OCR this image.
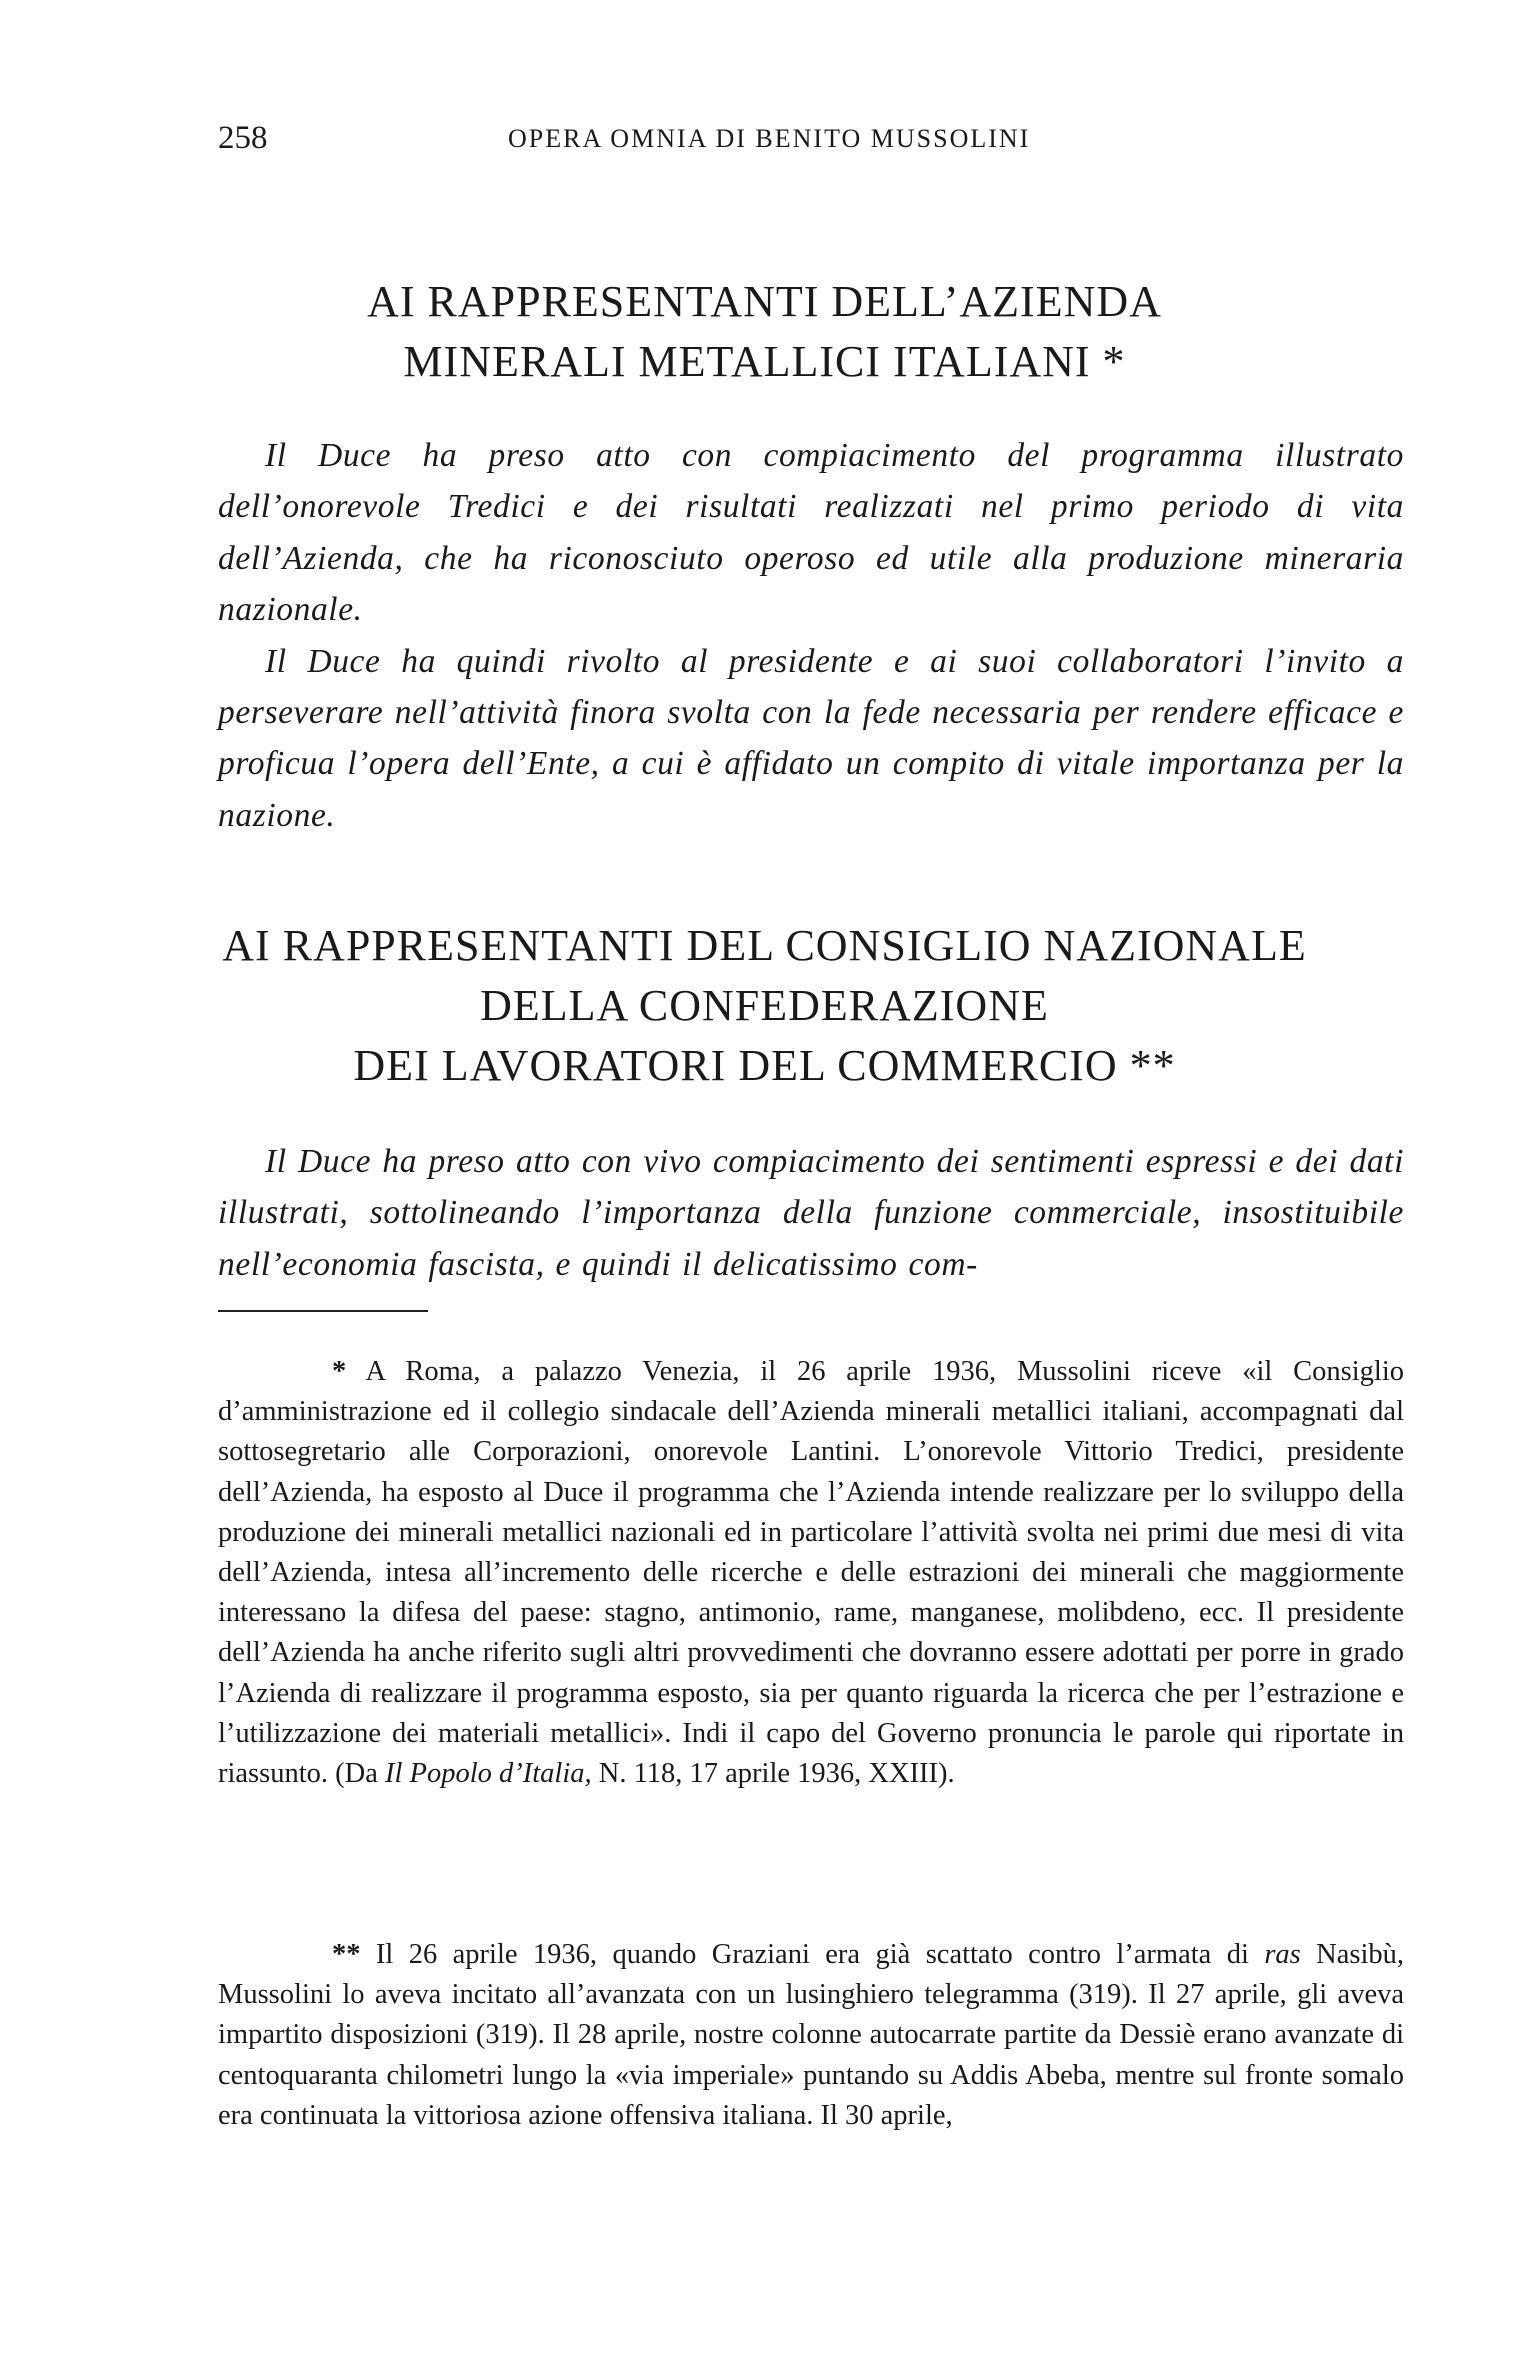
258	OPERA OMNIA DI BENITO MUSSOLINI
AI RAPPRESENTANTI DELL’AZIENDA
MINERALI METALLICI ITALIANI *

Il Duce ha preso atto con compiacimento del programma illustrato dell’onorevole Tredici e dei risultati realizzati nel primo periodo di vita dell’Azienda, che ha riconosciuto operoso ed utile alla produzione mineraria nazionale.

Il Duce ha quindi rivolto al presidente e ai suoi collaboratori l’invito a perseverare nell’attività finora svolta con la fede necessaria per rendere efficace e proficua l’opera dell’Ente, a cui è affidato un compito di vitale importanza per la nazione.

AI RAPPRESENTANTI DEL CONSIGLIO NAZIONALE
DELLA CONFEDERAZIONE
DEI LAVORATORI DEL COMMERCIO **

Il Duce ha preso atto con vivo compiacimento dei sentimenti espressi e dei dati illustrati, sottolineando l’importanza della funzione commerciale, insostituibile nell’economia fascista, e quindi il delicatissimo com-

* A Roma, a palazzo Venezia, il 26 aprile 1936, Mussolini riceve «il Consiglio d’amministrazione ed il collegio sindacale dell’Azienda minerali metallici italiani, accompagnati dal sottosegretario alle Corporazioni, onorevole Lantini. L’onorevole Vittorio Tredici, presidente dell’Azienda, ha esposto al Duce il programma che l’Azienda intende realizzare per lo sviluppo della produzione dei minerali metallici nazionali ed in particolare l’attività svolta nei primi due mesi di vita dell’Azienda, intesa all’incremento delle ricerche e delle estrazioni dei minerali che maggiormente interessano la difesa del paese: stagno, antimonio, rame, manganese, molibdeno, ecc. Il presidente dell’Azienda ha anche riferito sugli altri provvedimenti che dovranno essere adottati per porre in grado l’Azienda di realizzare il programma esposto, sia per quanto riguarda la ricerca che per l’estrazione e l’utilizzazione dei materiali metallici». Indi il capo del Governo pronuncia le parole qui riportate in riassunto. (Da Il Popolo d’Italia, N. 118, 17 aprile 1936, XXIII).

** Il 26 aprile 1936, quando Graziani era già scattato contro l’armata di ras Nasibù, Mussolini lo aveva incitato all’avanzata con un lusinghiero telegramma (319). Il 27 aprile, gli aveva impartito disposizioni (319). Il 28 aprile, nostre colonne autocarrate partite da Dessiè erano avanzate di centoquaranta chilometri lungo la «via imperiale» puntando su Addis Abeba, mentre sul fronte somalo era continuata la vittoriosa azione offensiva italiana. Il 30 aprile,
